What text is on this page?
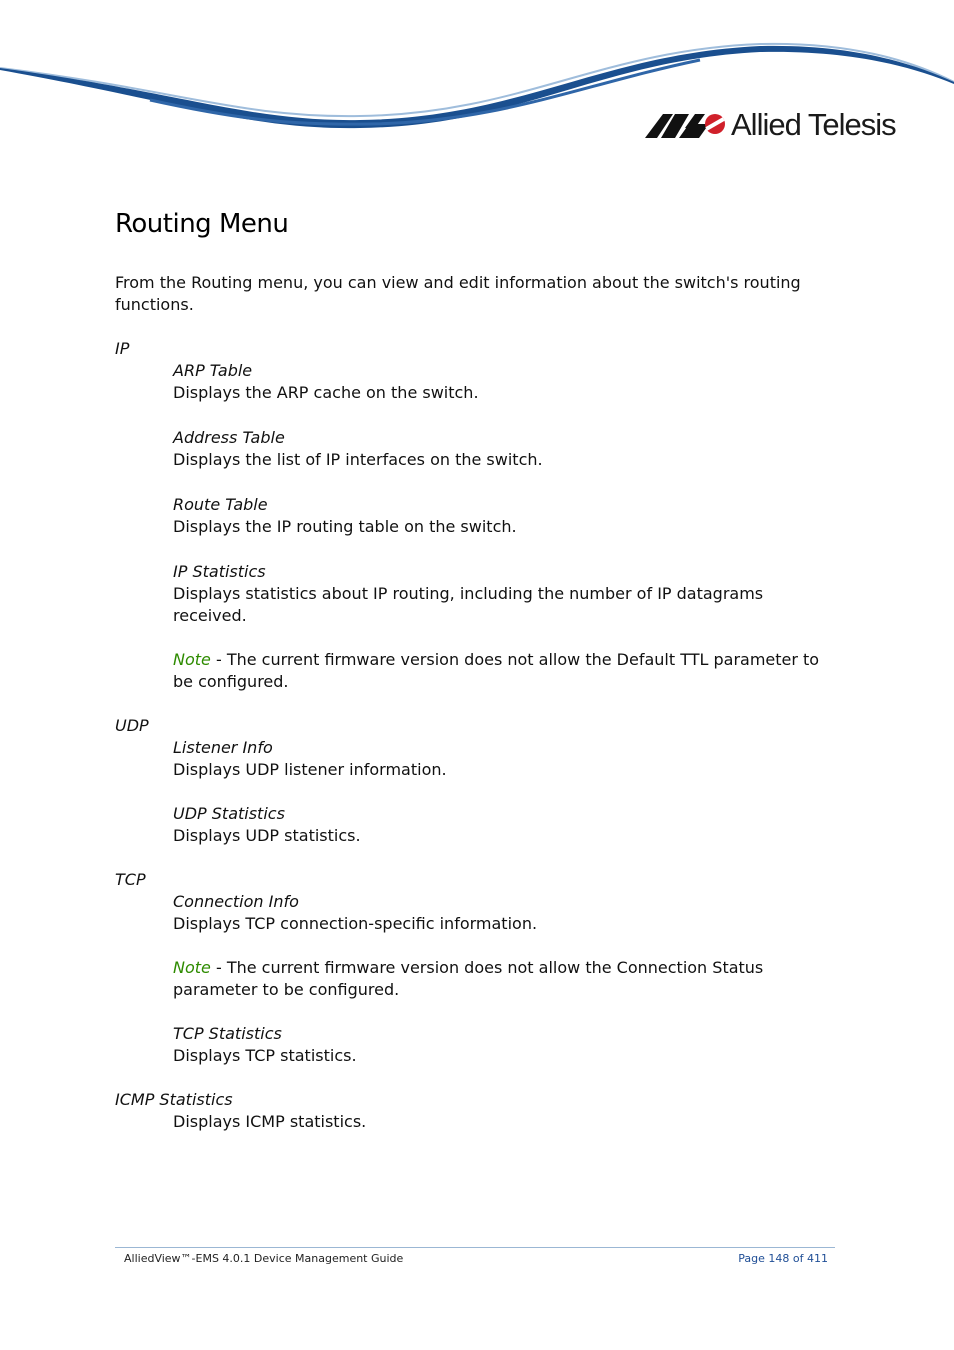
Allied Telesis
Routing Menu

From the Routing menu, you can view and edit information about the switch's routing functions.

IP

ARP Table

Displays the ARP cache on the switch.

Address Table

Displays the list of IP interfaces on the switch.

Route Table

Displays the IP routing table on the switch.

IP Statistics

Displays statistics about IP routing, including the number of IP datagrams received.

Note - The current firmware version does not allow the Default TTL parameter to be configured.

UDP

Listener Info

Displays UDP listener information.

UDP Statistics

Displays UDP statistics.

TCP

Connection Info

Displays TCP connection-specific information.

Note - The current firmware version does not allow the Connection Status parameter to be configured.

TCP Statistics

Displays TCP statistics.

ICMP Statistics

Displays ICMP statistics.

AlliedView™-EMS 4.0.1 Device Management Guide	Page 148 of 411
